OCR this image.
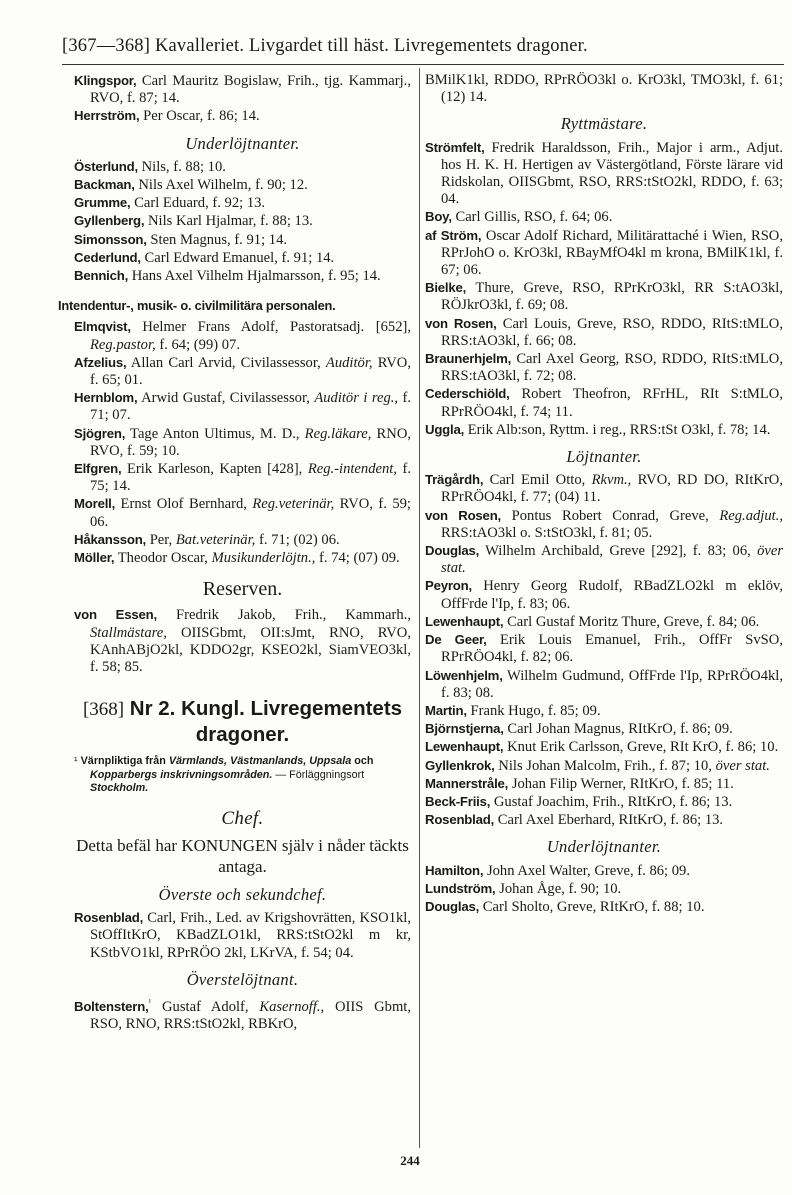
[367—368] Kavalleriet. Livgardet till häst. Livregementets dragoner.
Klingspor, Carl Mauritz Bogislaw, Frih., tjg. Kammarj., RVO, f. 87; 14.
Herrström, Per Oscar, f. 86; 14.
Underlöjtnanter.
Österlund, Nils, f. 88; 10.
Backman, Nils Axel Wilhelm, f. 90; 12.
Grumme, Carl Eduard, f. 92; 13.
Gyllenberg, Nils Karl Hjalmar, f. 88; 13.
Simonsson, Sten Magnus, f. 91; 14.
Cederlund, Carl Edward Emanuel, f. 91; 14.
Bennich, Hans Axel Vilhelm Hjalmarsson, f. 95; 14.
Intendentur-, musik- o. civilmilitära personalen.
Elmqvist, Helmer Frans Adolf, Pastoratsadj. [652], Reg.pastor, f. 64; (99) 07.
Afzelius, Allan Carl Arvid, Civilassessor, Auditör, RVO, f. 65; 01.
Hernblom, Arwid Gustaf, Civilassessor, Auditör i reg., f. 71; 07.
Sjögren, Tage Anton Ultimus, M. D., Reg.läkare, RNO, RVO, f. 59; 10.
Elfgren, Erik Karleson, Kapten [428], Reg.-intendent, f. 75; 14.
Morell, Ernst Olof Bernhard, Reg.veterinär, RVO, f. 59; 06.
Håkansson, Per, Bat.veterinär, f. 71; (02) 06.
Möller, Theodor Oscar, Musikunderlöjtn., f. 74; (07) 09.
Reserven.
von Essen, Fredrik Jakob, Frih., Kammarh., Stallmästare, OIISGbmt, OII:sJmt, RNO, RVO, KAnhABjO2kl, KDDO2gr, KSEO2kl, SiamVEO3kl, f. 58; 85.
[368] Nr 2. Kungl. Livregementets dragoner.
¹ Värnpliktiga från Värmlands, Västmanlands, Uppsala och Kopparbergs inskrivningsområden. — Förläggningsort Stockholm.
Chef.
Detta befäl har KONUNGEN själv i nåder täckts antaga.
Överste och sekundchef.
Rosenblad, Carl, Frih., Led. av Krigshovrätten, KSO1kl, StOffItKrO, KBadZLO1kl, RRS:tStO2kl m kr, KStbVO1kl, RPrRÖO 2kl, LKrVA, f. 54; 04.
Överstelöjtnant.
Boltenstern,$^{^1}$ Gustaf Adolf, Kasernoff., OIIS Gbmt, RSO, RNO, RRS:tStO2kl, RBKrO,
BMilK1kl, RDDO, RPrRÖO3kl o. KrO3kl, TMO3kl, f. 61; (12) 14.
Ryttmästare.
Strömfelt, Fredrik Haraldsson, Frih., Major i arm., Adjut. hos H. K. H. Hertigen av Västergötland, Förste lärare vid Ridskolan, OIISGbmt, RSO, RRS:tStO2kl, RDDO, f. 63; 04.
Boy, Carl Gillis, RSO, f. 64; 06.
af Ström, Oscar Adolf Richard, Militärattaché i Wien, RSO, RPrJohO o. KrO3kl, RBayMfO4kl m krona, BMilK1kl, f. 67; 06.
Bielke, Thure, Greve, RSO, RPrKrO3kl, RR S:tAO3kl, RÖJkrO3kl, f. 69; 08.
von Rosen, Carl Louis, Greve, RSO, RDDO, RItS:tMLO, RRS:tAO3kl, f. 66; 08.
Braunerhjelm, Carl Axel Georg, RSO, RDDO, RItS:tMLO, RRS:tAO3kl, f. 72; 08.
Cederschiöld, Robert Theofron, RFrHL, RIt S:tMLO, RPrRÖO4kl, f. 74; 11.
Uggla, Erik Alb:son, Ryttm. i reg., RRS:tSt O3kl, f. 78; 14.
Löjtnanter.
Trägårdh, Carl Emil Otto, Rkvm., RVO, RD DO, RItKrO, RPrRÖO4kl, f. 77; (04) 11.
von Rosen, Pontus Robert Conrad, Greve, Reg.adjut., RRS:tAO3kl o. S:tStO3kl, f. 81; 05.
Douglas, Wilhelm Archibald, Greve [292], f. 83; 06, över stat.
Peyron, Henry Georg Rudolf, RBadZLO2kl m eklöv, OffFrde l'Ip, f. 83; 06.
Lewenhaupt, Carl Gustaf Moritz Thure, Greve, f. 84; 06.
De Geer, Erik Louis Emanuel, Frih., OffFr SvSO, RPrRÖO4kl, f. 82; 06.
Löwenhjelm, Wilhelm Gudmund, OffFrde l'Ip, RPrRÖO4kl, f. 83; 08.
Martin, Frank Hugo, f. 85; 09.
Björnstjerna, Carl Johan Magnus, RItKrO, f. 86; 09.
Lewenhaupt, Knut Erik Carlsson, Greve, RIt KrO, f. 86; 10.
Gyllenkrok, Nils Johan Malcolm, Frih., f. 87; 10, över stat.
Mannerstråle, Johan Filip Werner, RItKrO, f. 85; 11.
Beck-Friis, Gustaf Joachim, Frih., RItKrO, f. 86; 13.
Rosenblad, Carl Axel Eberhard, RItKrO, f. 86; 13.
Underlöjtnanter.
Hamilton, John Axel Walter, Greve, f. 86; 09.
Lundström, Johan Åge, f. 90; 10.
Douglas, Carl Sholto, Greve, RItKrO, f. 88; 10.
244
